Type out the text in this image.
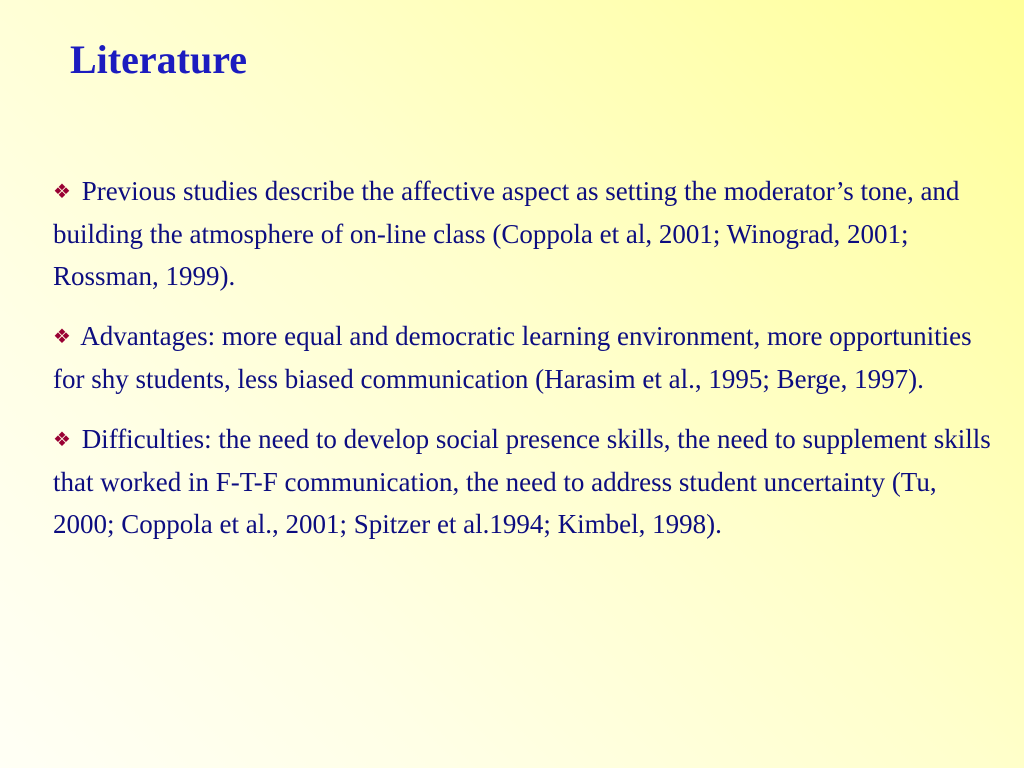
Literature
❖ Previous studies describe the affective aspect as setting the moderator’s tone, and building the atmosphere of on-line class (Coppola et al, 2001; Winograd, 2001; Rossman, 1999).
❖ Advantages: more equal and democratic learning environment, more opportunities for shy students, less biased communication (Harasim et al., 1995; Berge, 1997).
❖ Difficulties: the need to develop social presence skills, the need to supplement skills that worked in F-T-F communication, the need to address student uncertainty (Tu, 2000; Coppola et al., 2001; Spitzer et al.1994; Kimbel, 1998).
